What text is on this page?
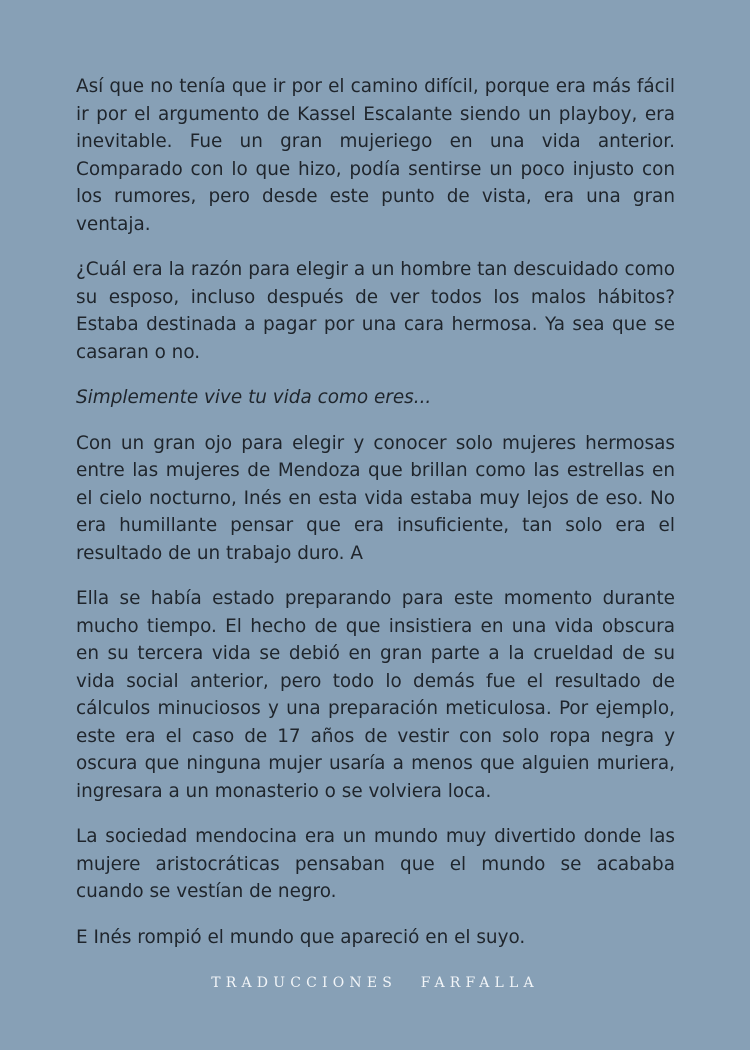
Así que no tenía que ir por el camino difícil, porque era más fácil ir por el argumento de Kassel Escalante siendo un playboy, era inevitable. Fue un gran mujeriego en una vida anterior. Comparado con lo que hizo, podía sentirse un poco injusto con los rumores, pero desde este punto de vista, era una gran ventaja.

¿Cuál era la razón para elegir a un hombre tan descuidado como su esposo, incluso después de ver todos los malos hábitos? Estaba destinada a pagar por una cara hermosa. Ya sea que se casaran o no.

Simplemente vive tu vida como eres...

Con un gran ojo para elegir y conocer solo mujeres hermosas entre las mujeres de Mendoza que brillan como las estrellas en el cielo nocturno, Inés en esta vida estaba muy lejos de eso. No era humillante pensar que era insuficiente, tan solo era el resultado de un trabajo duro. A

Ella se había estado preparando para este momento durante mucho tiempo. El hecho de que insistiera en una vida obscura en su tercera vida se debió en gran parte a la crueldad de su vida social anterior, pero todo lo demás fue el resultado de cálculos minuciosos y una preparación meticulosa. Por ejemplo, este era el caso de 17 años de vestir con solo ropa negra y oscura que ninguna mujer usaría a menos que alguien muriera, ingresara a un monasterio o se volviera loca.

La sociedad mendocina era un mundo muy divertido donde las mujere aristocráticas pensaban que el mundo se acababa cuando se vestían de negro.

E Inés rompió el mundo que apareció en el suyo.

TRADUCCIONES FARFALLA
